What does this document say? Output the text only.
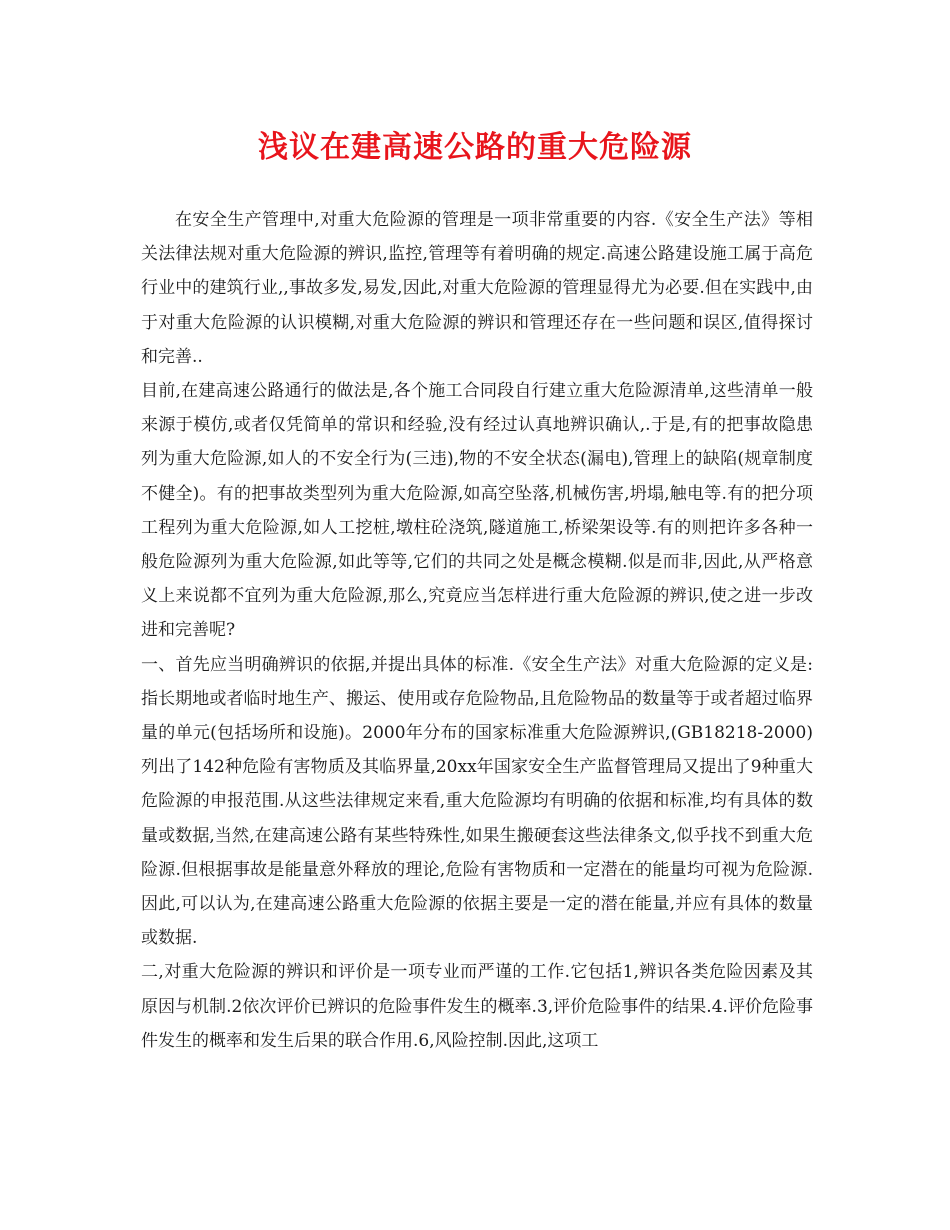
浅议在建高速公路的重大危险源

在安全生产管理中,对重大危险源的管理是一项非常重要的内容.《安全生产法》等相关法律法规对重大危险源的辨识,监控,管理等有着明确的规定.高速公路建设施工属于高危行业中的建筑行业,,事故多发,易发,因此,对重大危险源的管理显得尤为必要.但在实践中,由于对重大危险源的认识模糊,对重大危险源的辨识和管理还存在一些问题和误区,值得探讨和完善..

目前,在建高速公路通行的做法是,各个施工合同段自行建立重大危险源清单,这些清单一般来源于模仿,或者仅凭简单的常识和经验,没有经过认真地辨识确认,.于是,有的把事故隐患列为重大危险源,如人的不安全行为(三违),物的不安全状态(漏电),管理上的缺陷(规章制度不健全)。有的把事故类型列为重大危险源,如高空坠落,机械伤害,坍塌,触电等.有的把分项工程列为重大危险源,如人工挖桩,墩柱砼浇筑,隧道施工,桥梁架设等.有的则把许多各种一般危险源列为重大危险源,如此等等,它们的共同之处是概念模糊.似是而非,因此,从严格意义上来说都不宜列为重大危险源,那么,究竟应当怎样进行重大危险源的辨识,使之进一步改进和完善呢?

一、首先应当明确辨识的依据,并提出具体的标准.《安全生产法》对重大危险源的定义是:指长期地或者临时地生产、搬运、使用或存危险物品,且危险物品的数量等于或者超过临界量的单元(包括场所和设施)。2000年分布的国家标准重大危险源辨识,(GB18218-2000)列出了142种危险有害物质及其临界量,20xx年国家安全生产监督管理局又提出了9种重大危险源的申报范围.从这些法律规定来看,重大危险源均有明确的依据和标准,均有具体的数量或数据,当然,在建高速公路有某些特殊性,如果生搬硬套这些法律条文,似乎找不到重大危险源.但根据事故是能量意外释放的理论,危险有害物质和一定潜在的能量均可视为危险源.因此,可以认为,在建高速公路重大危险源的依据主要是一定的潜在能量,并应有具体的数量或数据.

二,对重大危险源的辨识和评价是一项专业而严谨的工作.它包括1,辨识各类危险因素及其原因与机制.2依次评价已辨识的危险事件发生的概率.3,评价危险事件的结果.4.评价危险事件发生的概率和发生后果的联合作用.6,风险控制.因此,这项工
